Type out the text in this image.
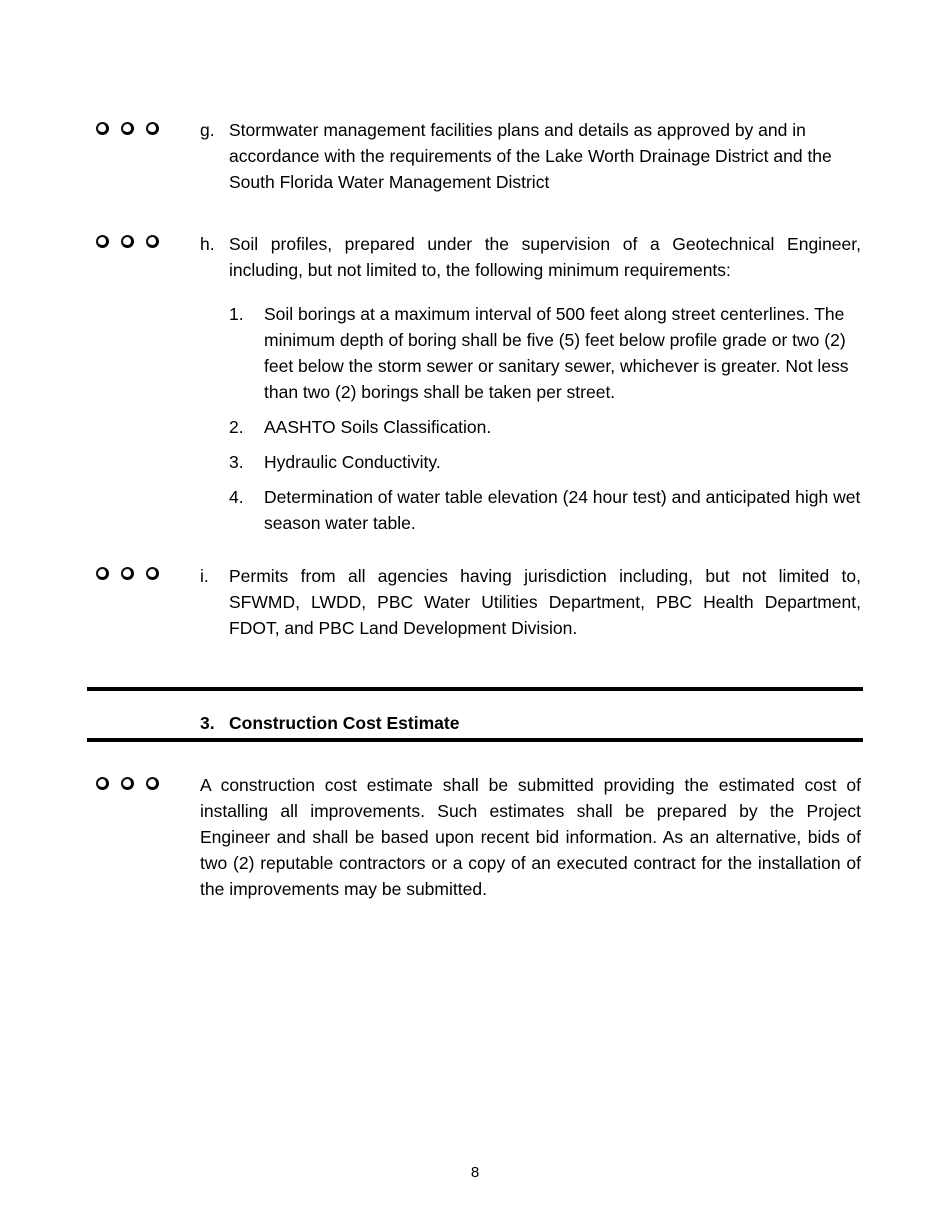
g. Stormwater management facilities plans and details as approved by and in accordance with the requirements of the Lake Worth Drainage District and the South Florida Water Management District
h. Soil profiles, prepared under the supervision of a Geotechnical Engineer, including, but not limited to, the following minimum requirements:
1. Soil borings at a maximum interval of 500 feet along street centerlines. The minimum depth of boring shall be five (5) feet below profile grade or two (2) feet below the storm sewer or sanitary sewer, whichever is greater. Not less than two (2) borings shall be taken per street.
2. AASHTO Soils Classification.
3. Hydraulic Conductivity.
4. Determination of water table elevation (24 hour test) and anticipated high wet season water table.
i. Permits from all agencies having jurisdiction including, but not limited to, SFWMD, LWDD, PBC Water Utilities Department, PBC Health Department, FDOT, and PBC Land Development Division.
3. Construction Cost Estimate
A construction cost estimate shall be submitted providing the estimated cost of installing all improvements. Such estimates shall be prepared by the Project Engineer and shall be based upon recent bid information. As an alternative, bids of two (2) reputable contractors or a copy of an executed contract for the installation of the improvements may be submitted.
8
